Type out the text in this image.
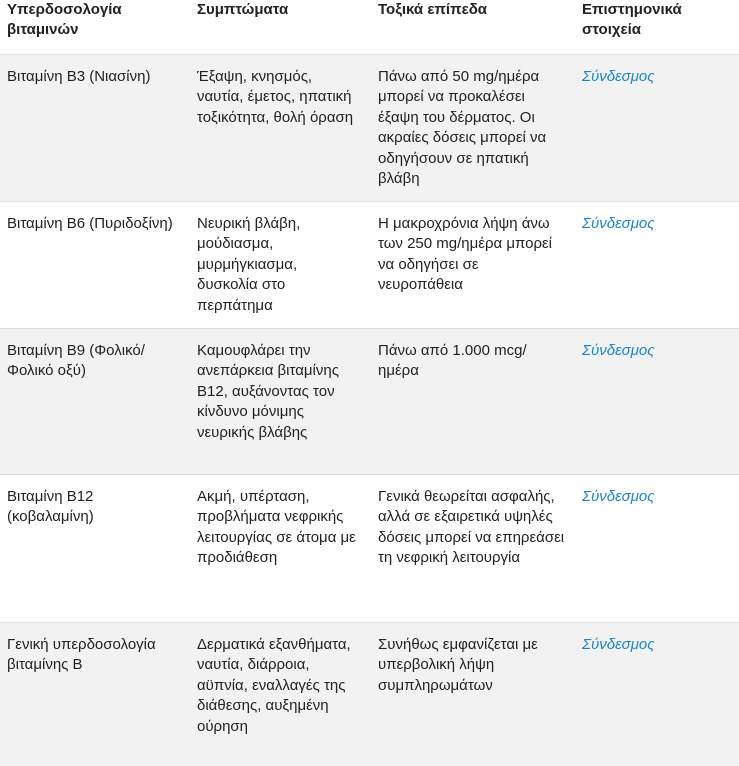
Υπερδοσολογία βιταμινών	Συμπτώματα	Τοξικά επίπεδα	Επιστημονικά στοιχεία
Βιταμίνη B3 (Νιασίνη)	Έξαψη, κνησμός, ναυτία, έμετος, ηπατική τοξικότητα, θολή όραση	Πάνω από 50 mg/ημέρα μπορεί να προκαλέσει έξαψη του δέρματος. Οι ακραίες δόσεις μπορεί να οδηγήσουν σε ηπατική βλάβη	Σύνδεσμος
Βιταμίνη B6 (Πυριδοξίνη)	Νευρική βλάβη, μούδιασμα, μυρμήγκιασμα, δυσκολία στο περπάτημα	Η μακροχρόνια λήψη άνω των 250 mg/ημέρα μπορεί να οδηγήσει σε νευροπάθεια	Σύνδεσμος
Βιταμίνη B9 (Φολικό/ Φολικό οξύ)	Καμουφλάρει την ανεπάρκεια βιταμίνης B12, αυξάνοντας τον κίνδυνο μόνιμης νευρικής βλάβης	Πάνω από 1.000 mcg/ ημέρα	Σύνδεσμος
Βιταμίνη B12 (κοβαλαμίνη)	Ακμή, υπέρταση, προβλήματα νεφρικής λειτουργίας σε άτομα με προδιάθεση	Γενικά θεωρείται ασφαλής, αλλά σε εξαιρετικά υψηλές δόσεις μπορεί να επηρεάσει τη νεφρική λειτουργία	Σύνδεσμος
Γενική υπερδοσολογία βιταμίνης B	Δερματικά εξανθήματα, ναυτία, διάρροια, αϋπνία, εναλλαγές της διάθεσης, αυξημένη ούρηση	Συνήθως εμφανίζεται με υπερβολική λήψη συμπληρωμάτων	Σύνδεσμος
